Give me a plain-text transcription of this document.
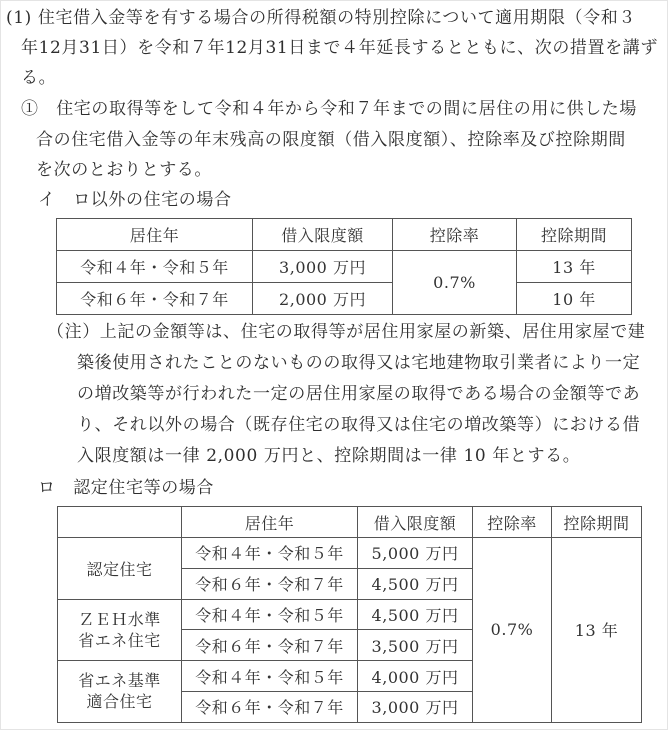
(1) 住宅借入金等を有する場合の所得税額の特別控除について適用期限（令和３
年12月31日）を令和７年12月31日まで４年延長するとともに、次の措置を講ず
る。
①　住宅の取得等をして令和４年から令和７年までの間に居住の用に供した場
合の住宅借入金等の年末残高の限度額（借入限度額）、控除率及び控除期間
を次のとおりとする。
イ　ロ以外の住宅の場合
居住年	借入限度額	控除率	控除期間
令和４年・令和５年	3,000 万円	0.7%	13 年
令和６年・令和７年	2,000 万円		10 年
（注）上記の金額等は、住宅の取得等が居住用家屋の新築、居住用家屋で建
築後使用されたことのないものの取得又は宅地建物取引業者により一定
の増改築等が行われた一定の居住用家屋の取得である場合の金額等であ
り、それ以外の場合（既存住宅の取得又は住宅の増改築等）における借
入限度額は一律 2,000 万円と、控除期間は一律 10 年とする。
ロ　認定住宅等の場合
	居住年	借入限度額	控除率	控除期間
認定住宅	令和４年・令和５年	5,000 万円	0.7%	13 年
	令和６年・令和７年	4,500 万円		

ＺＥＨ水準
省エネ住宅	令和４年・令和５年	4,500 万円		
	令和６年・令和７年	3,500 万円		

省エネ基準
適合住宅	令和４年・令和５年	4,000 万円		
	令和６年・令和７年	3,000 万円		
